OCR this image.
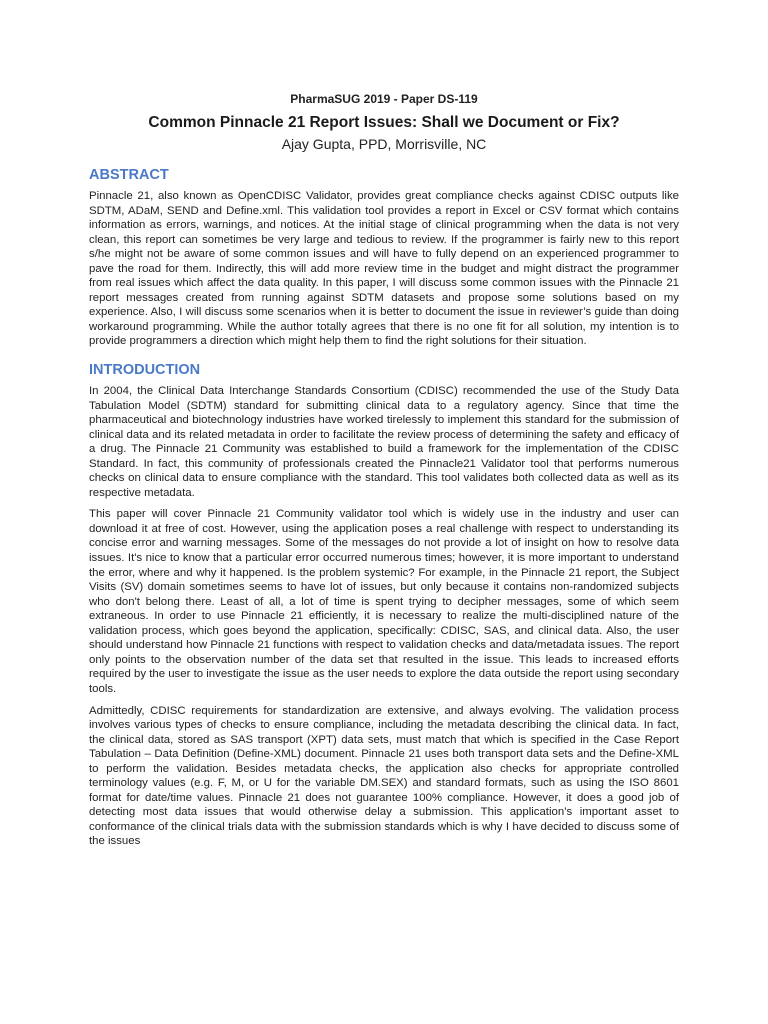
PharmaSUG 2019 - Paper DS-119

Common Pinnacle 21 Report Issues: Shall we Document or Fix?

Ajay Gupta, PPD, Morrisville, NC

ABSTRACT

Pinnacle 21, also known as OpenCDISC Validator, provides great compliance checks against CDISC outputs like SDTM, ADaM, SEND and Define.xml. This validation tool provides a report in Excel or CSV format which contains information as errors, warnings, and notices. At the initial stage of clinical programming when the data is not very clean, this report can sometimes be very large and tedious to review. If the programmer is fairly new to this report s/he might not be aware of some common issues and will have to fully depend on an experienced programmer to pave the road for them. Indirectly, this will add more review time in the budget and might distract the programmer from real issues which affect the data quality. In this paper, I will discuss some common issues with the Pinnacle 21 report messages created from running against SDTM datasets and propose some solutions based on my experience. Also, I will discuss some scenarios when it is better to document the issue in reviewer’s guide than doing workaround programming. While the author totally agrees that there is no one fit for all solution, my intention is to provide programmers a direction which might help them to find the right solutions for their situation.

INTRODUCTION

In 2004, the Clinical Data Interchange Standards Consortium (CDISC) recommended the use of the Study Data Tabulation Model (SDTM) standard for submitting clinical data to a regulatory agency. Since that time the pharmaceutical and biotechnology industries have worked tirelessly to implement this standard for the submission of clinical data and its related metadata in order to facilitate the review process of determining the safety and efficacy of a drug. The Pinnacle 21 Community was established to build a framework for the implementation of the CDISC Standard. In fact, this community of professionals created the Pinnacle21 Validator tool that performs numerous checks on clinical data to ensure compliance with the standard. This tool validates both collected data as well as its respective metadata.

This paper will cover Pinnacle 21 Community validator tool which is widely use in the industry and user can download it at free of cost. However, using the application poses a real challenge with respect to understanding its concise error and warning messages. Some of the messages do not provide a lot of insight on how to resolve data issues. It's nice to know that a particular error occurred numerous times; however, it is more important to understand the error, where and why it happened. Is the problem systemic? For example, in the Pinnacle 21 report, the Subject Visits (SV) domain sometimes seems to have lot of issues, but only because it contains non-randomized subjects who don't belong there. Least of all, a lot of time is spent trying to decipher messages, some of which seem extraneous. In order to use Pinnacle 21 efficiently, it is necessary to realize the multi-disciplined nature of the validation process, which goes beyond the application, specifically: CDISC, SAS, and clinical data. Also, the user should understand how Pinnacle 21 functions with respect to validation checks and data/metadata issues. The report only points to the observation number of the data set that resulted in the issue. This leads to increased efforts required by the user to investigate the issue as the user needs to explore the data outside the report using secondary tools.

Admittedly, CDISC requirements for standardization are extensive, and always evolving. The validation process involves various types of checks to ensure compliance, including the metadata describing the clinical data. In fact, the clinical data, stored as SAS transport (XPT) data sets, must match that which is specified in the Case Report Tabulation – Data Definition (Define-XML) document. Pinnacle 21 uses both transport data sets and the Define-XML to perform the validation. Besides metadata checks, the application also checks for appropriate controlled terminology values (e.g. F, M, or U for the variable DM.SEX) and standard formats, such as using the ISO 8601 format for date/time values. Pinnacle 21 does not guarantee 100% compliance. However, it does a good job of detecting most data issues that would otherwise delay a submission. This application’s important asset to conformance of the clinical trials data with the submission standards which is why I have decided to discuss some of the issues
